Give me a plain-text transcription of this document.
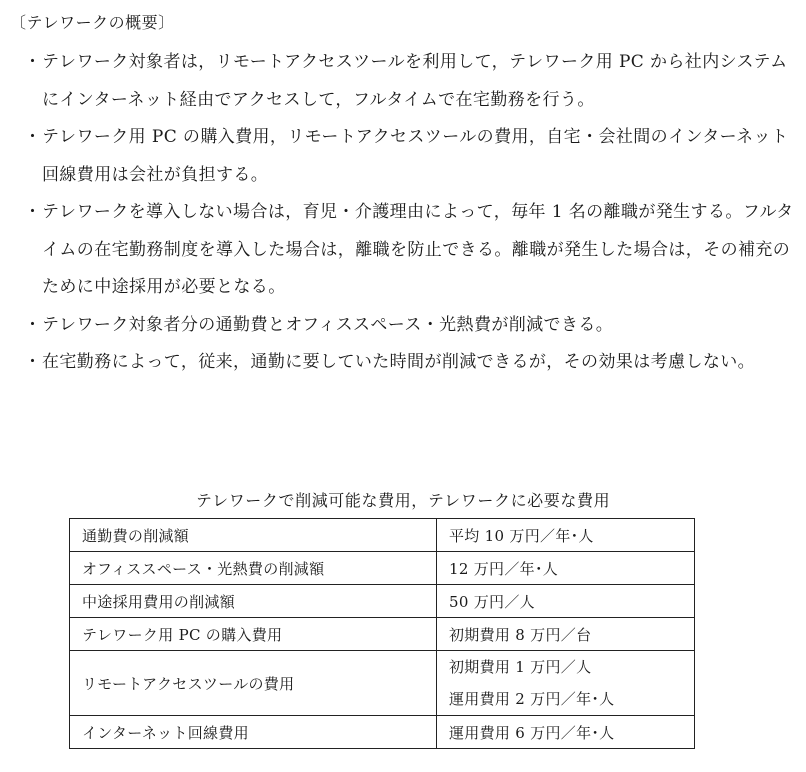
〔テレワークの概要〕
・ テレワーク対象者は，リモートアクセスツールを利用して，テレワーク用 PC から社内システムにインターネット経由でアクセスして，フルタイムで在宅勤務を行う。
・ テレワーク用 PC の購入費用，リモートアクセスツールの費用，自宅・会社間のインターネット回線費用は会社が負担する。
・ テレワークを導入しない場合は，育児・介護理由によって，毎年 1 名の離職が発生する。フルタイムの在宅勤務制度を導入した場合は，離職を防止できる。離職が発生した場合は，その補充のために中途採用が必要となる。
・ テレワーク対象者分の通勤費とオフィススペース・光熱費が削減できる。
・ 在宅勤務によって，従来，通勤に要していた時間が削減できるが，その効果は考慮しない。
テレワークで削減可能な費用，テレワークに必要な費用
通勤費の削減額	平均 10 万円／年･人
オフィススペース・光熱費の削減額	12 万円／年･人
中途採用費用の削減額	50 万円／人
テレワーク用 PC の購入費用	初期費用 8 万円／台
リモートアクセスツールの費用	初期費用 1 万円／人
運用費用 2 万円／年･人

インターネット回線費用	運用費用 6 万円／年･人
